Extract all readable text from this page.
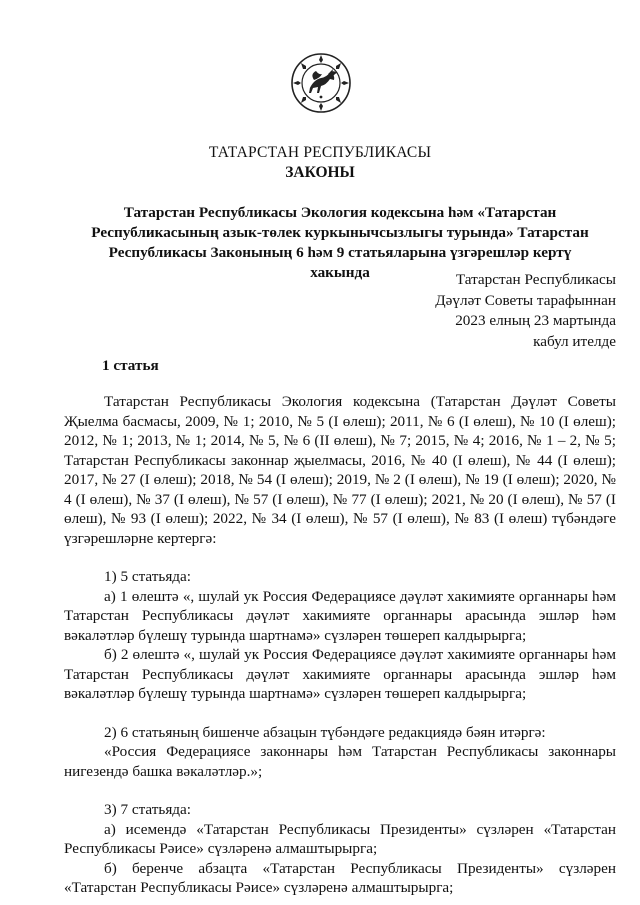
ТАТАРСТАН РЕСПУБЛИКАСЫ
ЗАКОНЫ
Татарстан Республикасы Экология кодексына һәм «Татарстан
Республикасының азык-төлек куркынычсызлыгы турында» Татарстан
Республикасы Законының 6 һәм 9 статьяларына үзгәрешләр кертү хакында	Татарстан Республикасы
Дәүләт Советы тарафыннан
2023 елның 23 мартында
кабул ителде
1 статья

Татарстан Республикасы Экология кодексына (Татарстан Дәүләт Советы Җыелма басмасы, 2009, № 1; 2010, № 5 (I өлеш); 2011, № 6 (I өлеш), № 10 (I өлеш); 2012, № 1; 2013, № 1; 2014, № 5, № 6 (II өлеш), № 7; 2015, № 4; 2016, № 1 – 2, № 5; Татарстан Республикасы законнар җыелмасы, 2016, № 40 (I өлеш), № 44 (I өлеш); 2017, № 27 (I өлеш); 2018, № 54 (I өлеш); 2019, № 2 (I өлеш), № 19 (I өлеш); 2020, № 4 (I өлеш), № 37 (I өлеш), № 57 (I өлеш), № 77 (I өлеш); 2021, № 20 (I өлеш), № 57 (I өлеш), № 93 (I өлеш); 2022, № 34 (I өлеш), № 57 (I өлеш), № 83 (I өлеш) түбәндәге үзгәрешләрне кертергә:

1) 5 статьяда:

а) 1 өлештә «, шулай ук Россия Федерациясе дәүләт хакимияте органнары һәм Татарстан Республикасы дәүләт хакимияте органнары арасында эшләр һәм вәкаләтләр бүлешү турында шартнамә» сүзләрен төшереп калдырырга;

б) 2 өлештә «, шулай ук Россия Федерациясе дәүләт хакимияте органнары һәм Татарстан Республикасы дәүләт хакимияте органнары арасында эшләр һәм вәкаләтләр бүлешү турында шартнамә» сүзләрен төшереп калдырырга;

2) 6 статьяның бишенче абзацын түбәндәге редакциядә бәян итәргә:

«Россия Федерациясе законнары һәм Татарстан Республикасы законнары нигезендә башка вәкаләтләр.»;

3) 7 статьяда:

а) исемендә «Татарстан Республикасы Президенты» сүзләрен «Татарстан Республикасы Рәисе» сүзләренә алмаштырырга;

б) беренче абзацта «Татарстан Республикасы Президенты» сүзләрен «Татарстан Республикасы Рәисе» сүзләренә алмаштырырга;
